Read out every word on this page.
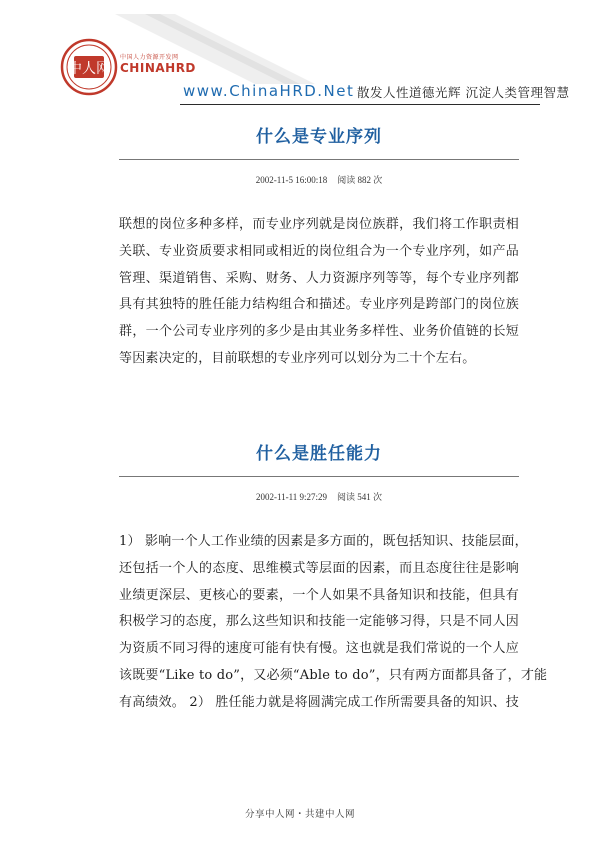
中人网
中国人力资源开发网
CHINAHRD
www.ChinaHRD.Net 散发人性道德光辉 沉淀人类管理智慧
什么是专业序列
2002-11-5 16:00:18 阅读 882 次
联想的岗位多种多样，而专业序列就是岗位族群，我们将工作职责相
关联、专业资质要求相同或相近的岗位组合为一个专业序列，如产品
管理、渠道销售、采购、财务、人力资源序列等等，每个专业序列都
具有其独特的胜任能力结构组合和描述。专业序列是跨部门的岗位族
群，一个公司专业序列的多少是由其业务多样性、业务价值链的长短
等因素决定的，目前联想的专业序列可以划分为二十个左右。
什么是胜任能力
2002-11-11 9:27:29 阅读 541 次
1） 影响一个人工作业绩的因素是多方面的，既包括知识、技能层面，
还包括一个人的态度、思维模式等层面的因素，而且态度往往是影响
业绩更深层、更核心的要素，一个人如果不具备知识和技能，但具有
积极学习的态度，那么这些知识和技能一定能够习得，只是不同人因
为资质不同习得的速度可能有快有慢。这也就是我们常说的一个人应
该既要“Like to do”，又必须“Able to do”，只有两方面都具备了，才能
有高绩效。 2） 胜任能力就是将圆满完成工作所需要具备的知识、技
分享中人网・共建中人网
